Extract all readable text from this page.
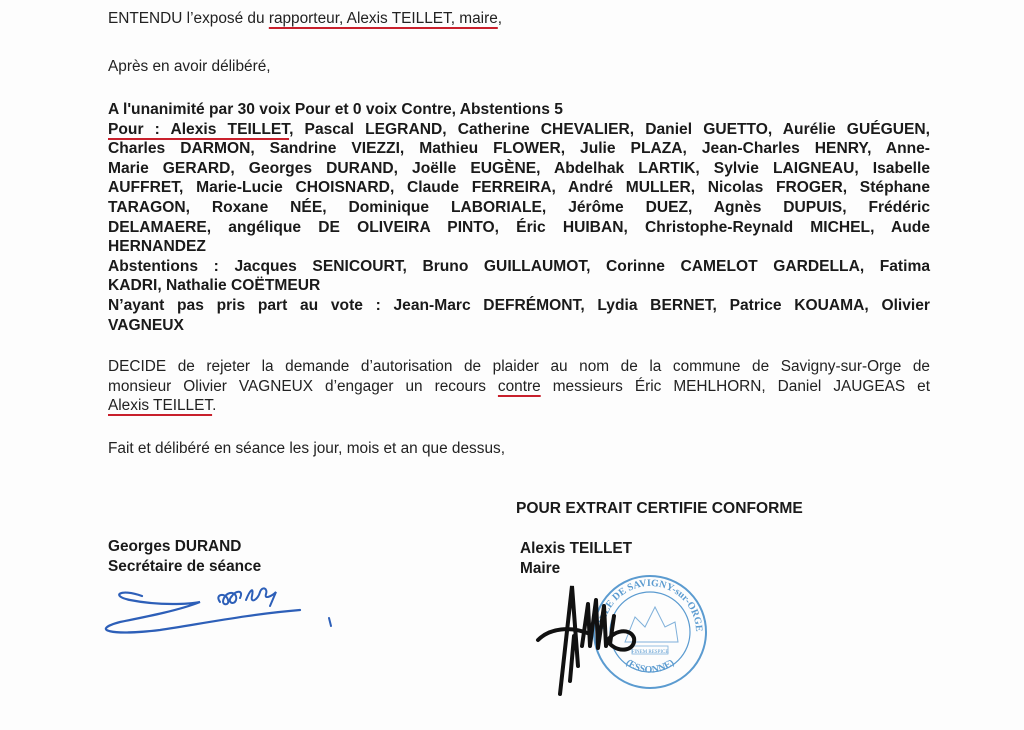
ENTENDU l’exposé du rapporteur, Alexis TEILLET, maire,
Après en avoir délibéré,
A l'unanimité par 30 voix Pour et 0 voix Contre, Abstentions 5
Pour : Alexis TEILLET, Pascal LEGRAND, Catherine CHEVALIER, Daniel GUETTO, Aurélie GUÉGUEN,
Charles DARMON, Sandrine VIEZZI, Mathieu FLOWER, Julie PLAZA, Jean-Charles HENRY, Anne-
Marie GERARD, Georges DURAND, Joëlle EUGÈNE, Abdelhak LARTIK, Sylvie LAIGNEAU, Isabelle
AUFFRET, Marie-Lucie CHOISNARD, Claude FERREIRA, André MULLER, Nicolas FROGER, Stéphane
TARAGON, Roxane NÉE, Dominique LABORIALE, Jérôme DUEZ, Agnès DUPUIS, Frédéric
DELAMAERE, angélique DE OLIVEIRA PINTO, Éric HUIBAN, Christophe-Reynald MICHEL, Aude
HERNANDEZ
Abstentions : Jacques SENICOURT, Bruno GUILLAUMOT, Corinne CAMELOT GARDELLA, Fatima
KADRI, Nathalie COËTMEUR
N’ayant pas pris part au vote : Jean-Marc DEFRÉMONT, Lydia BERNET, Patrice KOUAMA, Olivier
VAGNEUX
DECIDE de rejeter la demande d’autorisation de plaider au nom de la commune de Savigny-sur-Orge de
monsieur Olivier VAGNEUX d’engager un recours contre messieurs Éric MEHLHORN, Daniel JAUGEAS et
Alexis TEILLET.
Fait et délibéré en séance les jour, mois et an que dessus,
POUR EXTRAIT CERTIFIE CONFORME
Georges DURAND
Secrétaire de séance
Alexis TEILLET
Maire
VILLE DE SAVIGNY-sur-ORGE
(ESSONNE)
FINEM RESPICE
